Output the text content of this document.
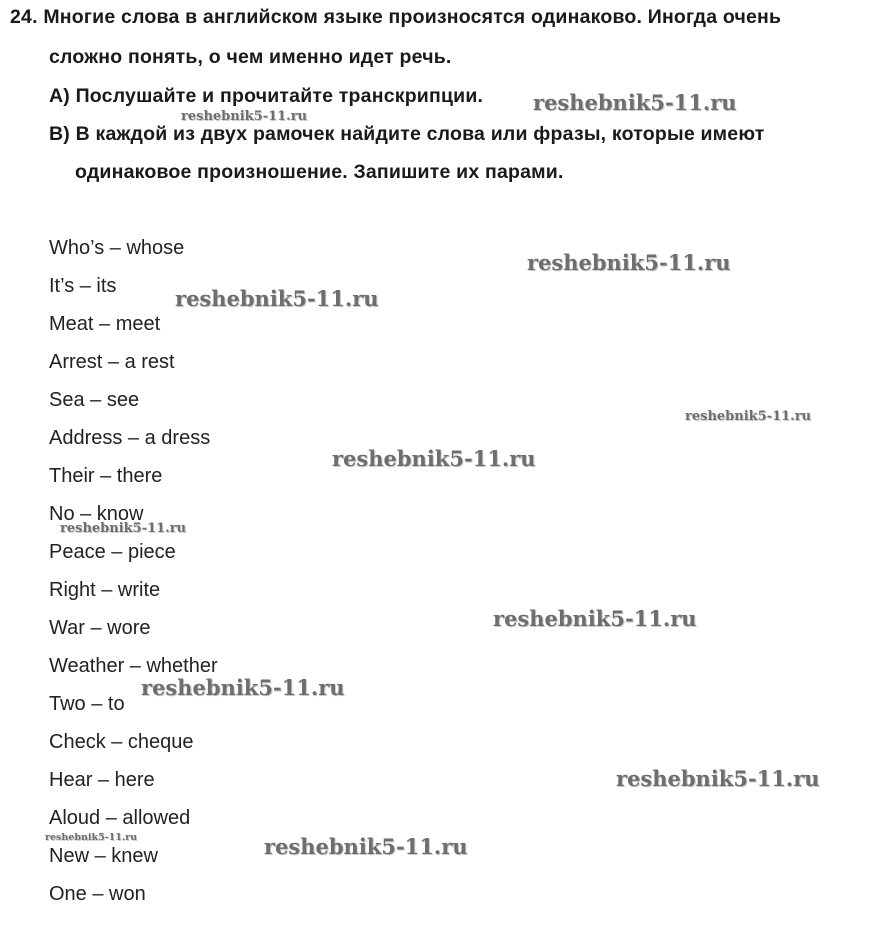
24. Многие слова в английском языке произносятся одинаково. Иногда очень
сложно понять, о чем именно идет речь.
A) Послушайте и прочитайте транскрипции.
B) В каждой из двух рамочек найдите слова или фразы, которые имеют
одинаковое произношение. Запишите их парами.
Who’s – whose
It’s – its
Meat – meet
Arrest – a rest
Sea – see
Address – a dress
Their – there
No – know
Peace – piece
Right – write
War – wore
Weather – whether
Two – to
Check – cheque
Hear – here
Aloud – allowed
New – knew
One – won
reshebnik5-11.ru
reshebnik5-11.ru
reshebnik5-11.ru
reshebnik5-11.ru
reshebnik5-11.ru
reshebnik5-11.ru
reshebnik5-11.ru
reshebnik5-11.ru
reshebnik5-11.ru
reshebnik5-11.ru
reshebnik5-11.ru	reshebnik5-11.ru
